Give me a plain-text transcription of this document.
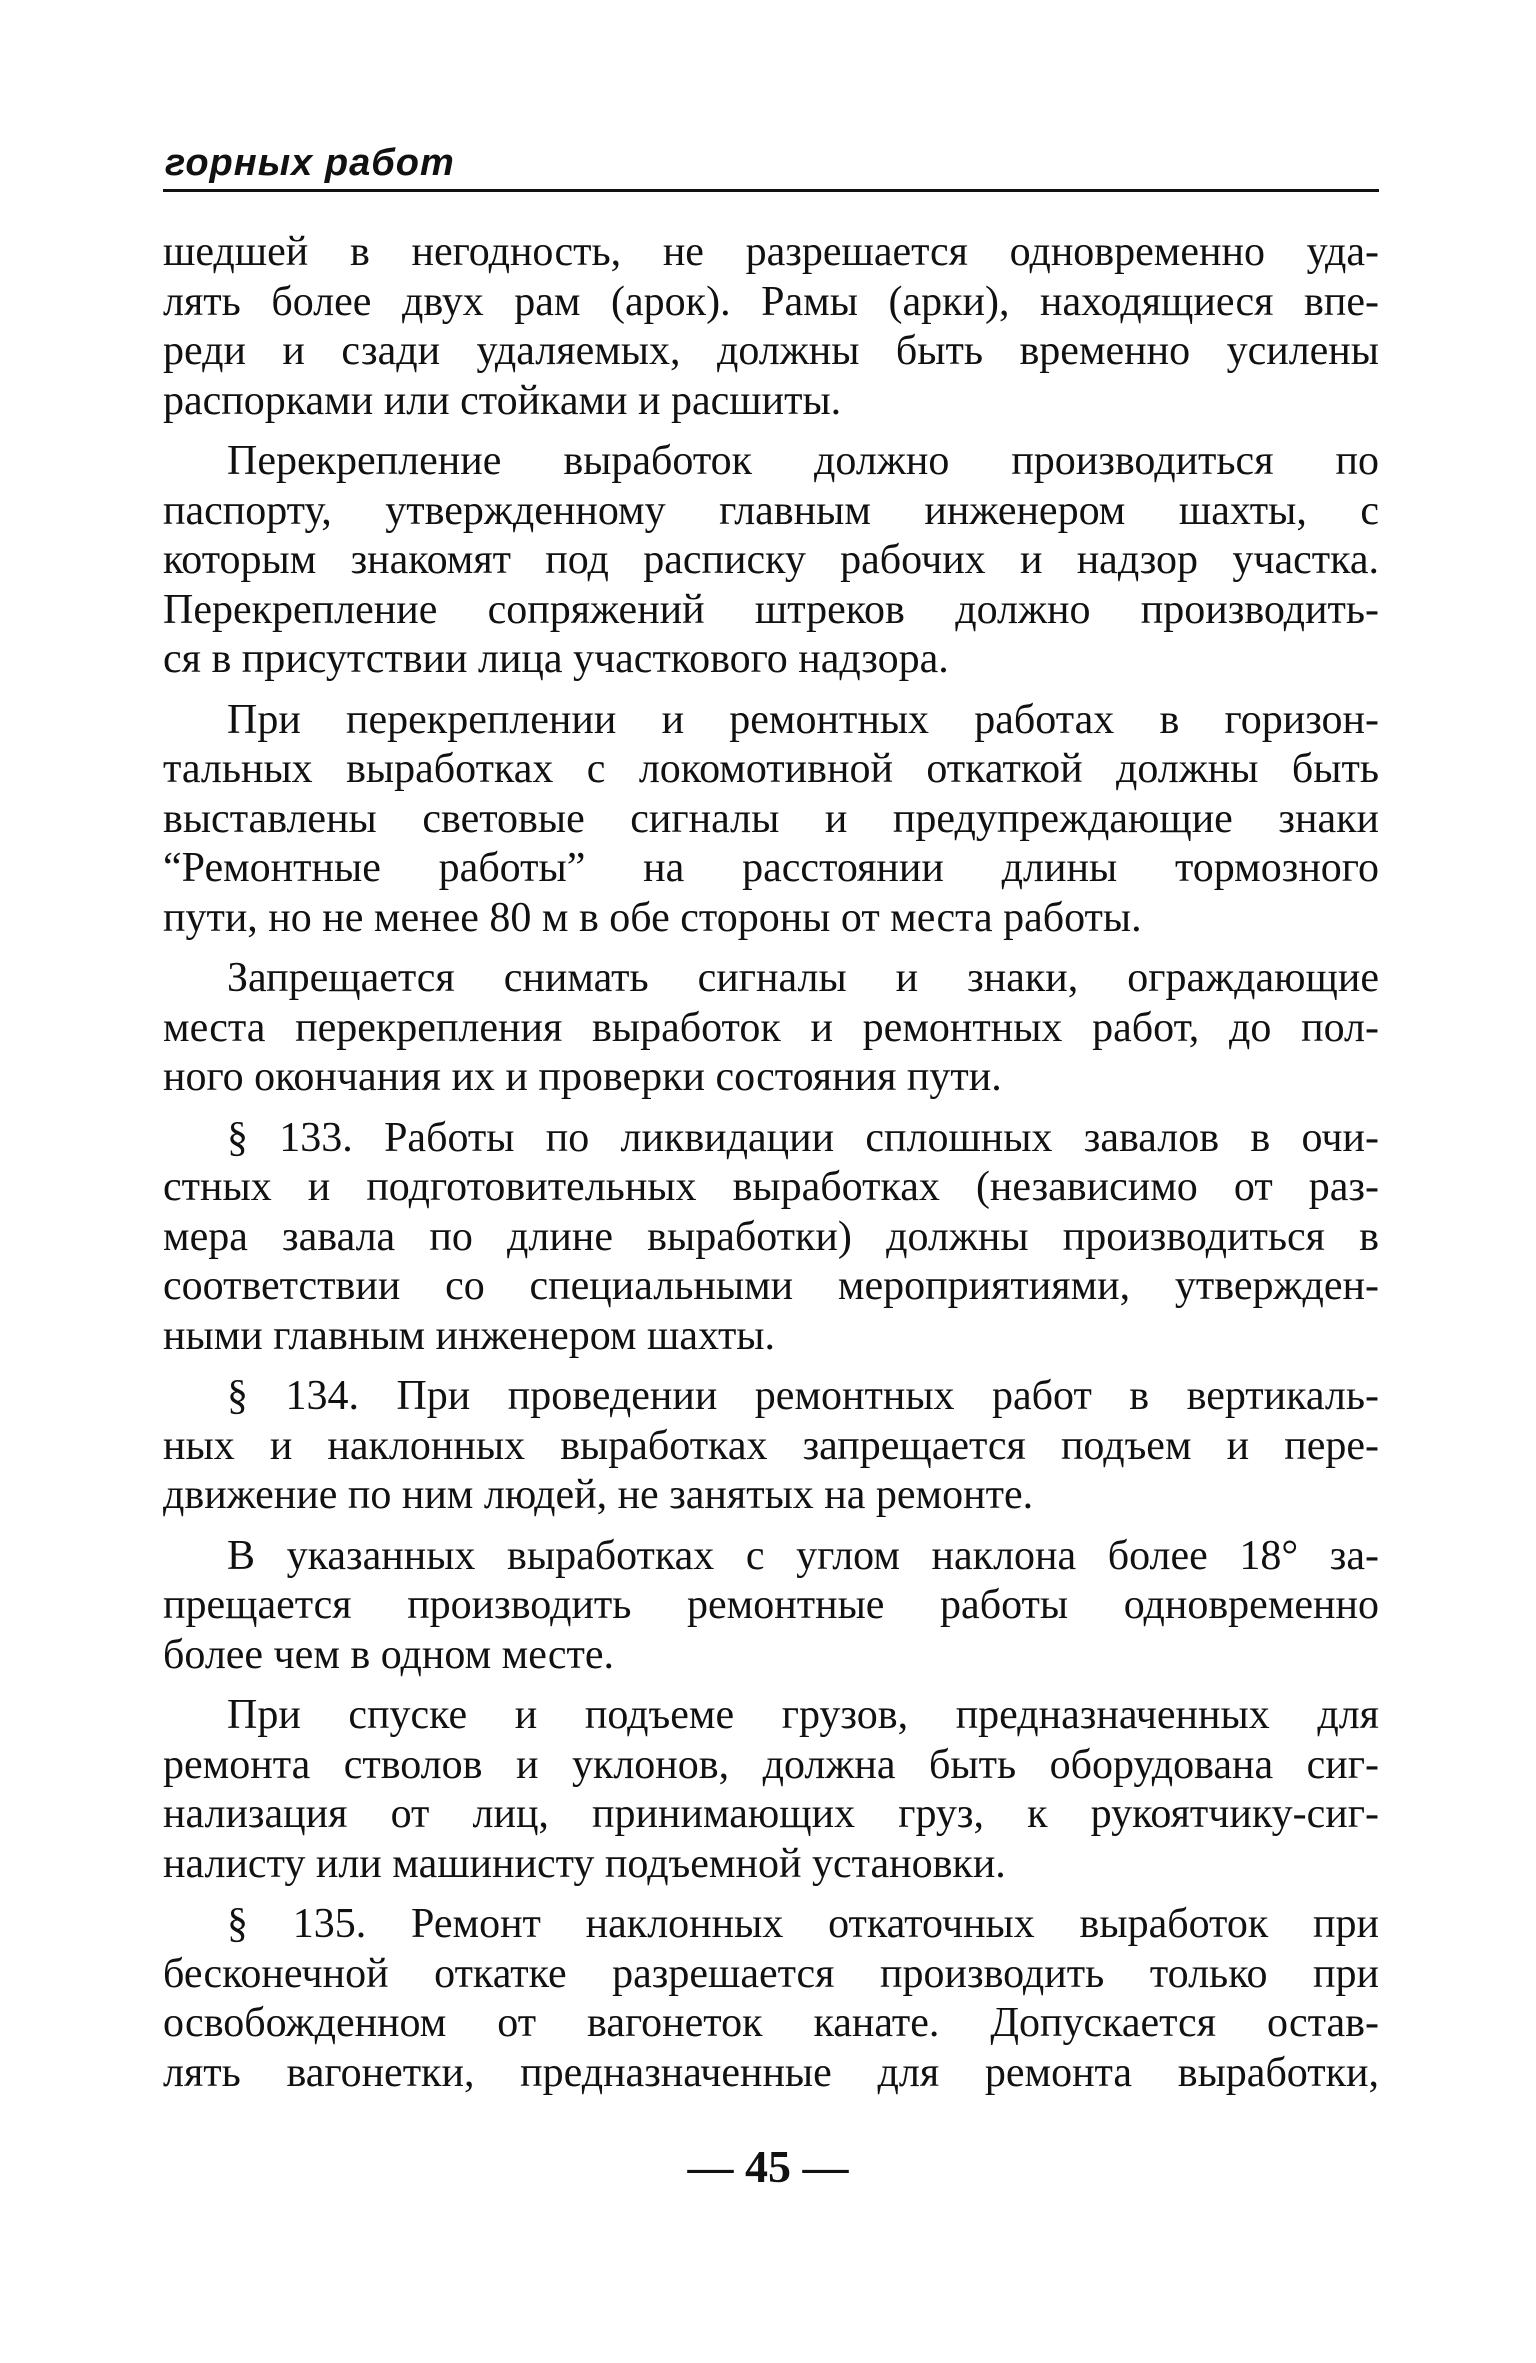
горных работ
шедшей в негодность, не разрешается одновременно уда-
лять более двух рам (арок). Рамы (арки), находящиеся впе-
реди и сзади удаляемых, должны быть временно усилены
распорками или стойками и расшиты.
Перекрепление выработок должно производиться по
паспорту, утвержденному главным инженером шахты, с
которым знакомят под расписку рабочих и надзор участка.
Перекрепление сопряжений штреков должно производить-
ся в присутствии лица участкового надзора.
При перекреплении и ремонтных работах в горизон-
тальных выработках с локомотивной откаткой должны быть
выставлены световые сигналы и предупреждающие знаки
“Ремонтные работы” на расстоянии длины тормозного
пути, но не менее 80 м в обе стороны от места работы.
Запрещается снимать сигналы и знаки, ограждающие
места перекрепления выработок и ремонтных работ, до пол-
ного окончания их и проверки состояния пути.
§ 133. Работы по ликвидации сплошных завалов в очи-
стных и подготовительных выработках (независимо от раз-
мера завала по длине выработки) должны производиться в
соответствии со специальными мероприятиями, утвержден-
ными главным инженером шахты.
§ 134. При проведении ремонтных работ в вертикаль-
ных и наклонных выработках запрещается подъем и пере-
движение по ним людей, не занятых на ремонте.
В указанных выработках с углом наклона более 18° за-
прещается производить ремонтные работы одновременно
более чем в одном месте.
При спуске и подъеме грузов, предназначенных для
ремонта стволов и уклонов, должна быть оборудована сиг-
нализация от лиц, принимающих груз, к рукоятчику-сиг-
налисту или машинисту подъемной установки.
§ 135. Ремонт наклонных откаточных выработок при
бесконечной откатке разрешается производить только при
освобожденном от вагонеток канате. Допускается остав-
лять вагонетки, предназначенные для ремонта выработки,
— 45 —
